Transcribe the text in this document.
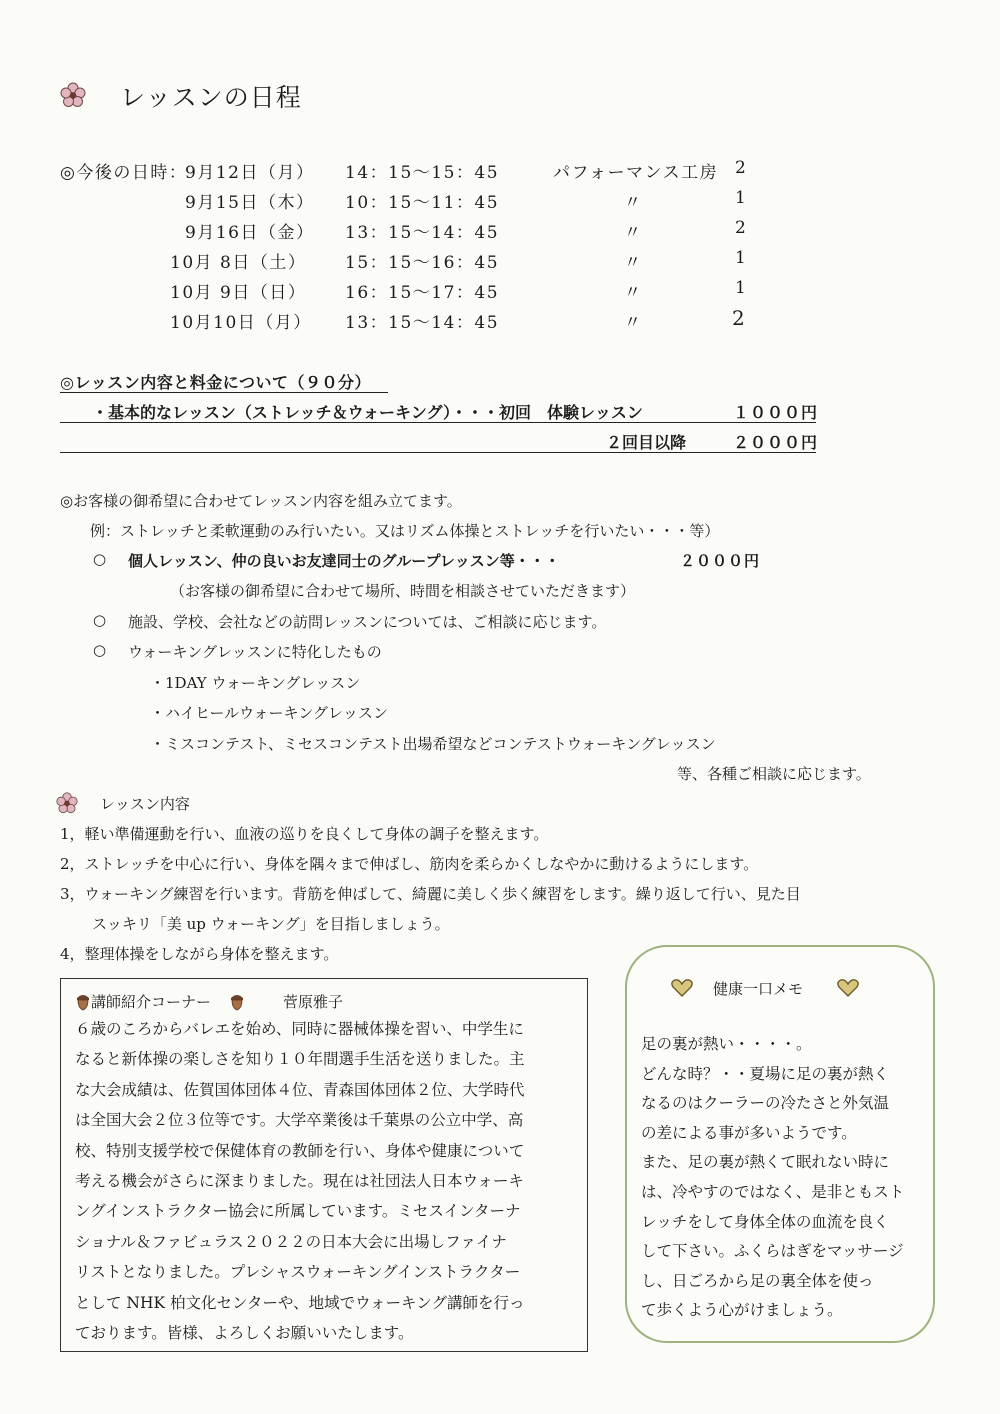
レッスンの日程
◎今後の日時：
9月12日（月） 14：15～15：45	パフォーマンス工房 2
9月15日（木） 10：15～11：45	〃	1
9月16日（金） 13：15～14：45	〃	2
10月 8日（土） 15：15～16：45	〃	1
10月 9日（日） 16：15～17：45	〃	1
10月10日（月） 13：15～14：45	〃	2
◎レッスン内容と料金について（９０分）
・基本的なレッスン（ストレッチ＆ウォーキング）・・・初回　体験レッスン	１０００円
２回目以降	２０００円
◎お客様の御希望に合わせてレッスン内容を組み立てます。
例：ストレッチと柔軟運動のみ行いたい。又はリズム体操とストレッチを行いたい・・・等）
○ 個人レッスン、仲の良いお友達同士のグループレッスン等・・・	２０００円
（お客様の御希望に合わせて場所、時間を相談させていただきます）
○ 施設、学校、会社などの訪問レッスンについては、ご相談に応じます。
○ ウォーキングレッスンに特化したもの
・1DAY ウォーキングレッスン
・ハイヒールウォーキングレッスン
・ミスコンテスト、ミセスコンテスト出場希望などコンテストウォーキングレッスン
等、各種ご相談に応じます。
レッスン内容
1，軽い準備運動を行い、血液の巡りを良くして身体の調子を整えます。
2，ストレッチを中心に行い、身体を隅々まで伸ばし、筋肉を柔らかくしなやかに動けるようにします。
3，ウォーキング練習を行います。背筋を伸ばして、綺麗に美しく歩く練習をします。繰り返して行い、見た目
スッキリ「美 up ウォーキング」を目指しましょう。
4，整理体操をしながら身体を整えます。
講師紹介コーナー	菅原雅子
６歳のころからバレエを始め、同時に器械体操を習い、中学生に
なると新体操の楽しさを知り１０年間選手生活を送りました。主
な大会成績は、佐賀国体団体４位、青森国体団体２位、大学時代
は全国大会２位３位等です。大学卒業後は千葉県の公立中学、高
校、特別支援学校で保健体育の教師を行い、身体や健康について
考える機会がさらに深まりました。現在は社団法人日本ウォーキ
ングインストラクター協会に所属しています。ミセスインターナ
ショナル＆ファビュラス２０２２の日本大会に出場しファイナ
リストとなりました。プレシャスウォーキングインストラクター
として NHK 柏文化センターや、地域でウォーキング講師を行っ
ております。皆様、よろしくお願いいたします。
健康一口メモ
足の裏が熱い・・・・。
どんな時？・・夏場に足の裏が熱く
なるのはクーラーの冷たさと外気温
の差による事が多いようです。
また、足の裏が熱くて眠れない時に
は、冷やすのではなく、是非ともスト
レッチをして身体全体の血流を良く
して下さい。ふくらはぎをマッサージ
し、日ごろから足の裏全体を使っ
て歩くよう心がけましょう。
